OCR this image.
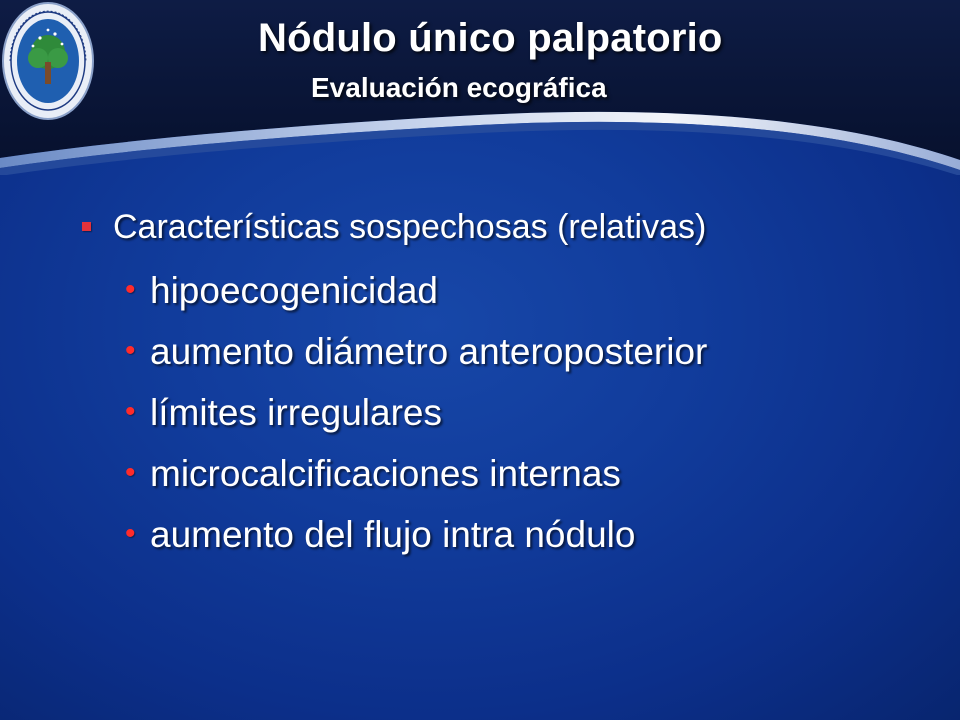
Nódulo único palpatorio
Evaluación ecográfica
Características sospechosas (relativas)
• hipoecogenicidad
• aumento diámetro anteroposterior
• límites irregulares
• microcalcificaciones internas
• aumento del flujo intra nódulo
